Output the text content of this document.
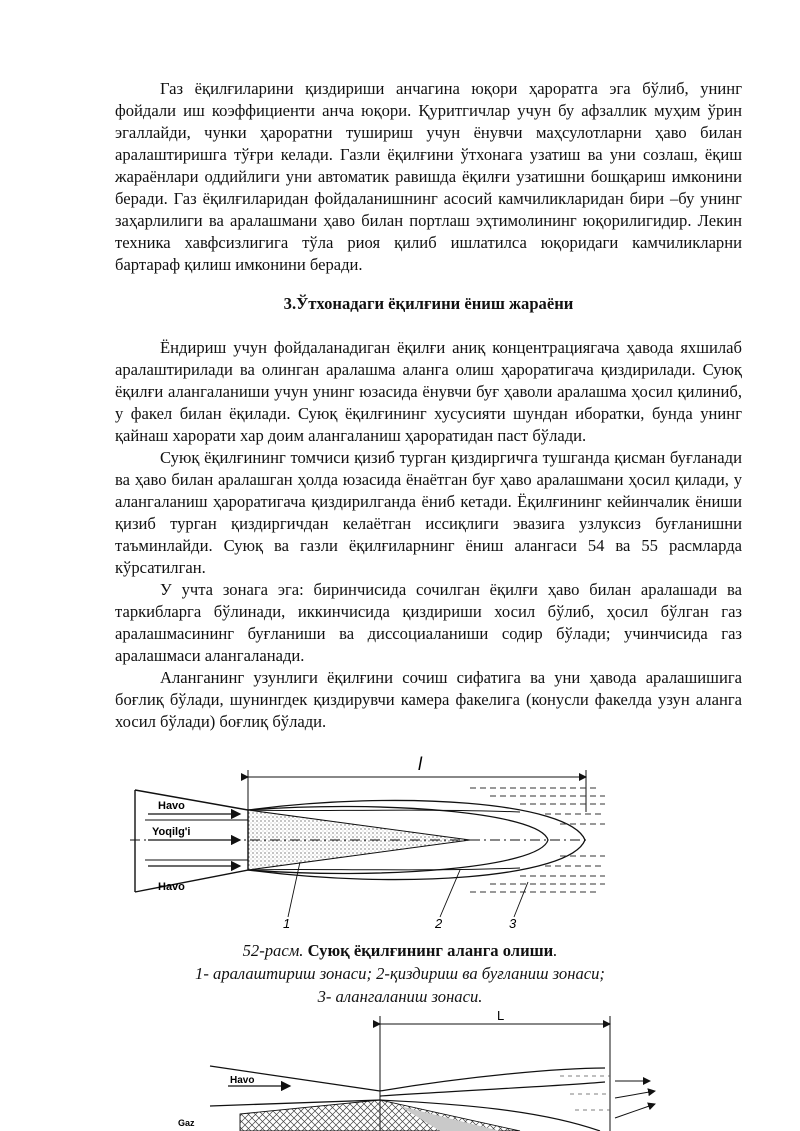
Газ ёқилғиларини қиздириши анчагина юқори ҳароратга эга бўлиб, унинг фойдали иш коэффициенти анча юқори. Қуритгичлар учун бу афзаллик муҳим ўрин эгаллайди, чунки ҳароратни тушириш учун ёнувчи маҳсулотларни ҳаво билан аралаштиришга тўғри келади. Газли ёқилғини ўтхонага узатиш ва уни созлаш, ёқиш жараёнлари оддийлиги уни автоматик равишда ёқилғи узатишни бошқариш имконини беради. Газ ёқилғиларидан фойдаланишнинг асосий камчиликларидан бири –бу унинг заҳарлилиги ва аралашмани ҳаво билан портлаш эҳтимолининг юқорилигидир. Лекин техника хавфсизлигига тўла риоя қилиб ишлатилса юқоридаги камчиликларни бартараф қилиш имконини беради.

3.Ўтхонадаги ёқилғини ёниш жараёни

Ёндириш учун фойдаланадиган ёқилғи аниқ концентрациягача ҳавода яхшилаб аралаштирилади ва олинган аралашма аланга олиш ҳароратигача қиздирилади. Суюқ ёқилғи алангаланиши учун унинг юзасида ёнувчи буғ ҳаволи аралашма ҳосил қилиниб, у факел билан ёқилади. Суюқ ёқилғининг хусусияти шундан иборатки, бунда унинг қайнаш харорати хар доим алангаланиш ҳароратидан паст бўлади.

Суюқ ёқилғининг томчиси қизиб турган қиздиргичга тушганда қисман буғланади ва ҳаво билан аралашган ҳолда юзасида ёнаётган буғ ҳаво аралашмани ҳосил қилади, у алангаланиш ҳароратигача қиздирилганда ёниб кетади. Ёқилғининг кейинчалик ёниши қизиб турган қиздиргичдан келаётган иссиқлиги эвазига узлуксиз буғланишни таъминлайди. Суюқ ва газли ёқилғиларнинг ёниш алангаси 54 ва 55 расмларда кўрсатилган.

У учта зонага эга: биринчисида сочилган ёқилғи ҳаво билан аралашади ва таркибларга бўлинади, иккинчисида қиздириши хосил бўлиб, ҳосил бўлган газ аралашмасининг буғланиши ва диссоциаланиши содир бўлади; учинчисида газ аралашмаси алангаланади.

Аланганинг узунлиги ёқилғини сочиш сифатига ва уни ҳавода аралашишига боғлиқ бўлади, шунингдек қиздирувчи камера факелига (конусли факелда узун аланга хосил бўлади) боғлиқ бўлади.

l
Havo
Yoqilg'i
Havo
1	2	3
52-расм. Суюқ ёқилғининг аланга олиши.
1- аралаштириш зонаси; 2-қиздириш ва буғланиш зонаси;
3- алангаланиш зонаси.
L
Havo
Gaz
